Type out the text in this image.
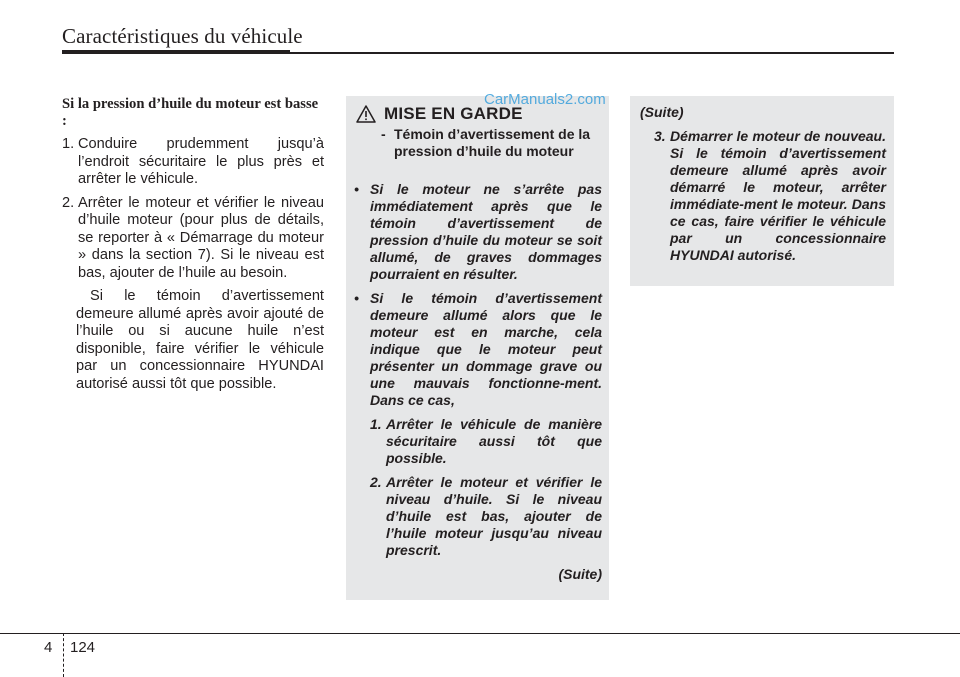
Caractéristiques du véhicule
Si la pression d’huile du moteur est basse :
1. Conduire prudemment jusqu’à l’endroit sécuritaire le plus près et arrêter le véhicule.
2. Arrêter le moteur et vérifier le niveau d’huile moteur (pour plus de détails, se reporter à « Démarrage du moteur » dans la section 7). Si le niveau est bas, ajouter de l’huile au besoin.
Si le témoin d’avertissement demeure allumé après avoir ajouté de l’huile ou si aucune huile n’est disponible, faire vérifier le véhicule par un concessionnaire HYUNDAI autorisé aussi tôt que possible.
MISE EN GARDE
CarManuals2.com
- Témoin d’avertissement de la pression d’huile du moteur
• Si le moteur ne s’arrête pas immédiatement après que le témoin d’avertissement de pression d’huile du moteur se soit allumé, de graves dommages pourraient en résulter.
• Si le témoin d’avertissement demeure allumé alors que le moteur est en marche, cela indique que le moteur peut présenter un dommage grave ou une mauvais fonctionne-ment. Dans ce cas,
1. Arrêter le véhicule de manière sécuritaire aussi tôt que possible.
2. Arrêter le moteur et vérifier le niveau d’huile. Si le niveau d’huile est bas, ajouter de l’huile moteur jusqu’au niveau prescrit.
(Suite)
(Suite)
3. Démarrer le moteur de nouveau. Si le témoin d’avertissement demeure allumé après avoir démarré le moteur, arrêter immédiate-ment le moteur. Dans ce cas, faire vérifier le véhicule par un concessionnaire HYUNDAI autorisé.
4 124
